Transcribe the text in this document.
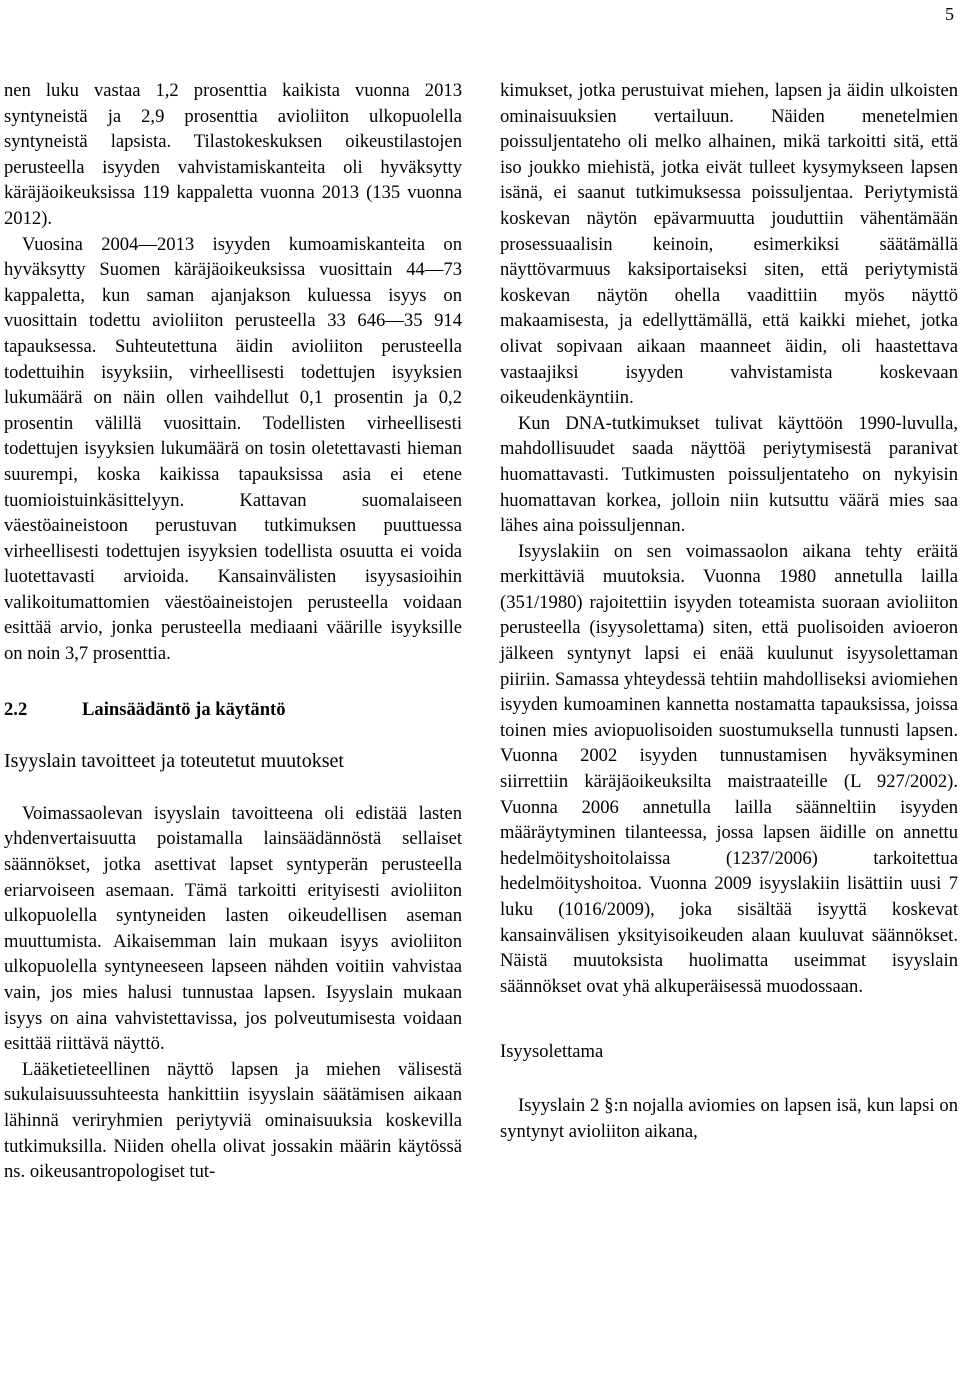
5

nen luku vastaa 1,2 prosenttia kaikista vuonna 2013 syntyneistä ja 2,9 prosenttia avioliiton ulkopuolella syntyneistä lapsista. Tilastokeskuksen oikeustilastojen perusteella isyyden vahvistamiskanteita oli hyväksytty käräjäoikeuksissa 119 kappaletta vuonna 2013 (135 vuonna 2012).

Vuosina 2004—2013 isyyden kumoamiskanteita on hyväksytty Suomen käräjäoikeuksissa vuosittain 44—73 kappaletta, kun saman ajanjakson kuluessa isyys on vuosittain todettu avioliiton perusteella 33 646—35 914 tapauksessa. Suhteutettuna äidin avioliiton perusteella todettuihin isyyksiin, virheellisesti todettujen isyyksien lukumäärä on näin ollen vaihdellut 0,1 prosentin ja 0,2 prosentin välillä vuosittain. Todellisten virheellisesti todettujen isyyksien lukumäärä on tosin oletettavasti hieman suurempi, koska kaikissa tapauksissa asia ei etene tuomioistuinkäsittelyyn. Kattavan suomalaiseen väestöaineistoon perustuvan tutkimuksen puuttuessa virheellisesti todettujen isyyksien todellista osuutta ei voida luotettavasti arvioida. Kansainvälisten isyysasioihin valikoitumattomien väestöaineistojen perusteella voidaan esittää arvio, jonka perusteella mediaani väärille isyyksille on noin 3,7 prosenttia.

2.2	Lainsäädäntö ja käytäntö
Isyyslain tavoitteet ja toteutetut muutokset

Voimassaolevan isyyslain tavoitteena oli edistää lasten yhdenvertaisuutta poistamalla lainsäädännöstä sellaiset säännökset, jotka asettivat lapset syntyperän perusteella eriarvoiseen asemaan. Tämä tarkoitti erityisesti avioliiton ulkopuolella syntyneiden lasten oikeudellisen aseman muuttumista. Aikaisemman lain mukaan isyys avioliiton ulkopuolella syntyneeseen lapseen nähden voitiin vahvistaa vain, jos mies halusi tunnustaa lapsen. Isyyslain mukaan isyys on aina vahvistettavissa, jos polveutumisesta voidaan esittää riittävä näyttö.

Lääketieteellinen näyttö lapsen ja miehen välisestä sukulaisuussuhteesta hankittiin isyyslain säätämisen aikaan lähinnä veriryhmien periytyviä ominaisuuksia koskevilla tutkimuksilla. Niiden ohella olivat jossakin määrin käytössä ns. oikeusantropologiset tut-

kimukset, jotka perustuivat miehen, lapsen ja äidin ulkoisten ominaisuuksien vertailuun. Näiden menetelmien poissuljentateho oli melko alhainen, mikä tarkoitti sitä, että iso joukko miehistä, jotka eivät tulleet kysymykseen lapsen isänä, ei saanut tutkimuksessa poissuljentaa. Periytymistä koskevan näytön epävarmuutta jouduttiin vähentämään prosessuaalisin keinoin, esimerkiksi säätämällä näyttövarmuus kaksiportaiseksi siten, että periytymistä koskevan näytön ohella vaadittiin myös näyttö makaamisesta, ja edellyttämällä, että kaikki miehet, jotka olivat sopivaan aikaan maanneet äidin, oli haastettava vastaajiksi isyyden vahvistamista koskevaan oikeudenkäyntiin.

Kun DNA-tutkimukset tulivat käyttöön 1990-luvulla, mahdollisuudet saada näyttöä periytymisestä paranivat huomattavasti. Tutkimusten poissuljentateho on nykyisin huomattavan korkea, jolloin niin kutsuttu väärä mies saa lähes aina poissuljennan.

Isyyslakiin on sen voimassaolon aikana tehty eräitä merkittäviä muutoksia. Vuonna 1980 annetulla lailla (351/1980) rajoitettiin isyyden toteamista suoraan avioliiton perusteella (isyysolettama) siten, että puolisoiden avioeron jälkeen syntynyt lapsi ei enää kuulunut isyysolettaman piiriin. Samassa yhteydessä tehtiin mahdolliseksi aviomiehen isyyden kumoaminen kannetta nostamatta tapauksissa, joissa toinen mies aviopuolisoiden suostumuksella tunnusti lapsen. Vuonna 2002 isyyden tunnustamisen hyväksyminen siirrettiin käräjäoikeuksilta maistraateille (L 927/2002). Vuonna 2006 annetulla lailla säänneltiin isyyden määräytyminen tilanteessa, jossa lapsen äidille on annettu hedelmöityshoitolaissa (1237/2006) tarkoitettua hedelmöityshoitoa. Vuonna 2009 isyyslakiin lisättiin uusi 7 luku (1016/2009), joka sisältää isyyttä koskevat kansainvälisen yksityisoikeuden alaan kuuluvat säännökset. Näistä muutoksista huolimatta useimmat isyyslain säännökset ovat yhä alkuperäisessä muodossaan.

Isyysolettama

Isyyslain 2 §:n nojalla aviomies on lapsen isä, kun lapsi on syntynyt avioliiton aikana,
